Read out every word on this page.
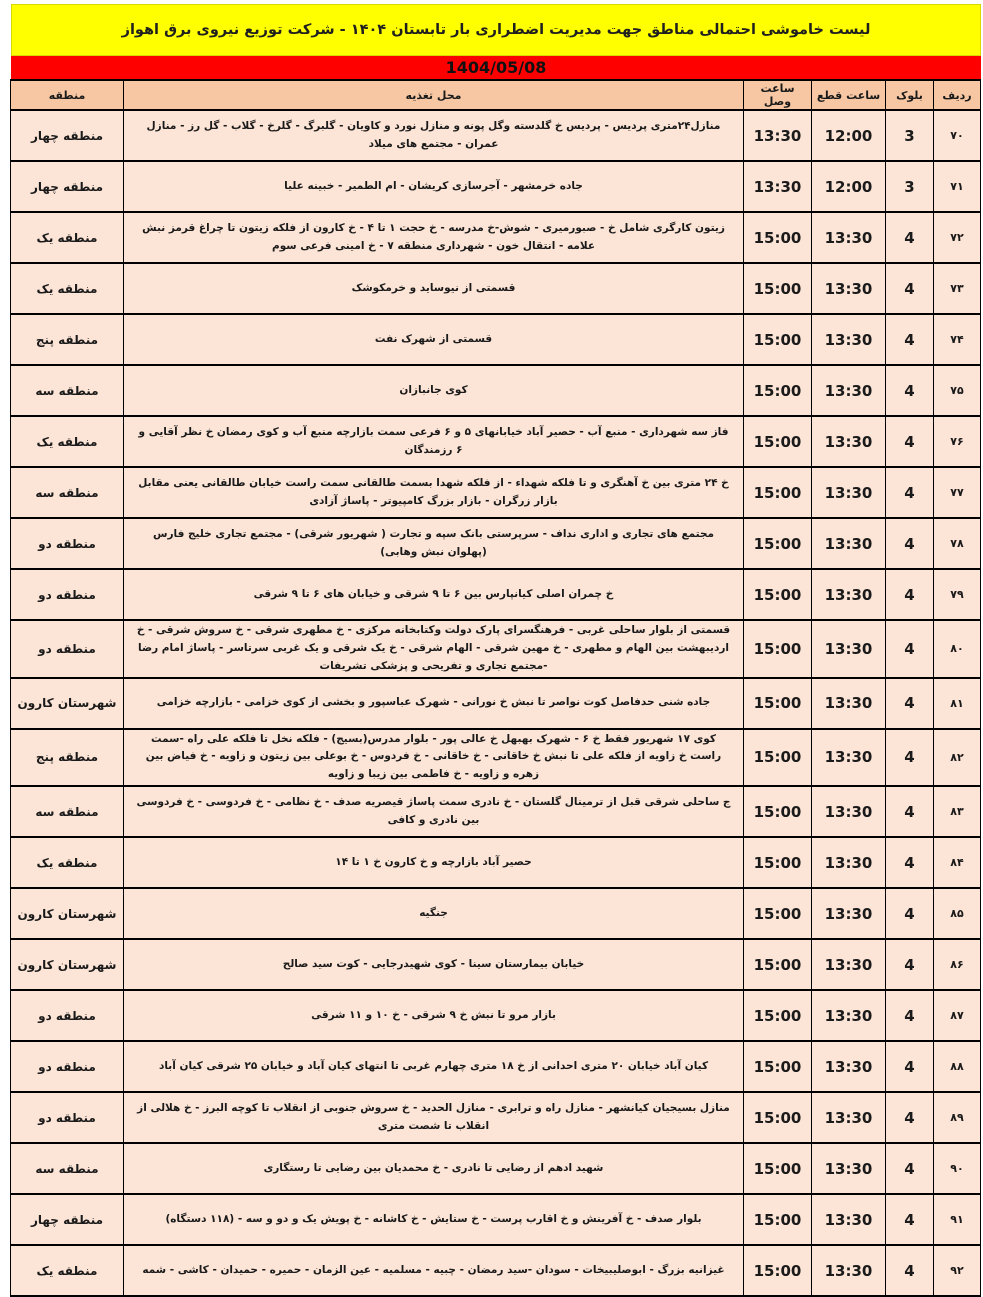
لیست خاموشی احتمالی مناطق جهت مدیریت اضطراری بار تابستان ۱۴۰۴ - شرکت توزیع نیروی برق اهواز
1404/05/08
ردیف	بلوک	ساعت قطع	ساعت وصل	محل تغذیه	منطقه
۷۰	3	12:00	13:30	منازل۲۴متری پردیس - پردیس خ گلدسته وگل پونه و منازل نورد و کاویان - گلبرگ - گلرخ - گلاب - گل رز - منازل عمران - مجتمع های میلاد	منطقه چهار
۷۱	3	12:00	13:30	جاده خرمشهر - آجرسازی کریشان - ام الطمیر - خبینه علیا	منطقه چهار
۷۲	4	13:30	15:00	زیتون کارگری شامل خ - صبورمیری - شوش-خ مدرسه - خ حجت ۱ تا ۴ - خ کارون از فلکه زیتون تا چراغ قرمز نبش علامه - انتقال خون - شهرداری منطقه ۷ - خ امینی فرعی سوم	منطقه یک
۷۳	4	13:30	15:00	قسمتی از نیوساید و خرمکوشک	منطقه یک
۷۴	4	13:30	15:00	قسمتی از شهرک نفت	منطقه پنج
۷۵	4	13:30	15:00	کوی جانبازان	منطقه سه
۷۶	4	13:30	15:00	فاز سه شهرداری - منبع آب - حصیر آباد خیابانهای ۵ و ۶ فرعی سمت بازارچه منبع آب و کوی رمضان خ نظر آقایی و ۶ رزمندگان	منطقه یک
۷۷	4	13:30	15:00	خ ۲۴ متری بین خ آهنگری و تا فلکه شهداء - از فلکه شهدا بسمت طالقانی سمت راست خیابان طالقانی یعنی مقابل بازار زرگران - بازار بزرگ کامپیوتر - پاساژ آزادی	منطقه سه
۷۸	4	13:30	15:00	مجتمع های تجاری و اداری نداف - سرپرستی بانک سپه و تجارت ( شهریور شرقی) - مجتمع تجاری خلیج فارس (پهلوان نبش وهابی)	منطقه دو
۷۹	4	13:30	15:00	خ چمران اصلی کیانپارس بین ۶ تا ۹ شرقی و خیابان های ۶ تا ۹ شرقی	منطقه دو
۸۰	4	13:30	15:00	قسمتی از بلوار ساحلی غربی - فرهنگسرای پارک دولت وکتابخانه مرکزی - خ مطهری شرقی - خ سروش شرقی - خ اردیبهشت بین الهام و مطهری - خ مهین شرقی - الهام شرقی - خ یک شرقی و یک غربی سرتاسر - پاساژ امام رضا -مجتمع تجاری و تفریحی و پزشکی تشریفات	منطقه دو
۸۱	4	13:30	15:00	جاده شنی حدفاصل کوت نواصر تا نبش خ نورانی - شهرک عباسپور و بخشی از کوی خزامی - بازارچه خزامی	شهرستان کارون
۸۲	4	13:30	15:00	کوی ۱۷ شهریور فقط خ ۶ - شهرک بهبهل خ عالی پور - بلوار مدرس(بسیج) - فلکه نخل تا فلکه علی راه -سمت راست خ زاویه از فلکه علی تا نبش خ خاقانی - خ خاقانی - خ فردوس - خ بوعلی بین زیتون و زاویه - خ فیاض بین زهره و زاویه - خ فاطمی بین زیبا و زاویه	منطقه پنج
۸۳	4	13:30	15:00	ج ساحلی شرقی قبل از ترمینال گلستان - خ نادری سمت پاساژ قیصریه صدف - خ نظامی - خ فردوسی - خ فردوسی بین نادری و کافی	منطقه سه
۸۴	4	13:30	15:00	حصیر آباد بازارچه و خ کارون خ ۱ تا ۱۴	منطقه یک
۸۵	4	13:30	15:00	جنگیه	شهرستان کارون
۸۶	4	13:30	15:00	خیابان بیمارستان سینا - کوی شهیدرجایی - کوت سید صالح	شهرستان کارون
۸۷	4	13:30	15:00	بازار مرو تا نبش خ ۹ شرقی - خ ۱۰ و ۱۱ شرقی	منطقه دو
۸۸	4	13:30	15:00	کیان آباد خیابان ۲۰ متری احدانی از خ ۱۸ متری چهارم غربی تا انتهای کیان آباد و خیابان ۲۵ شرقی کیان آباد	منطقه دو
۸۹	4	13:30	15:00	منازل بسیجیان کیانشهر - منازل راه و ترابری - منازل الحدید - خ سروش جنوبی از انقلاب تا کوچه البرز - خ هلالی از انقلاب تا شصت متری	منطقه دو
۹۰	4	13:30	15:00	شهید ادهم از رضایی تا نادری - خ محمدیان بین رضایی تا رستگاری	منطقه سه
۹۱	4	13:30	15:00	بلوار صدف - خ آفرینش و خ اقارب پرست - خ ستایش - خ کاشانه - خ پویش یک و دو و سه - (۱۱۸ دستگاه)	منطقه چهار
۹۲	4	13:30	15:00	غیزانیه بزرگ - ابوصلیبیخات - سودان -سید رمضان - چبیه - مسلمیه - عین الزمان - حمیره - حمیدان - کاشی - شمه	منطقه یک
